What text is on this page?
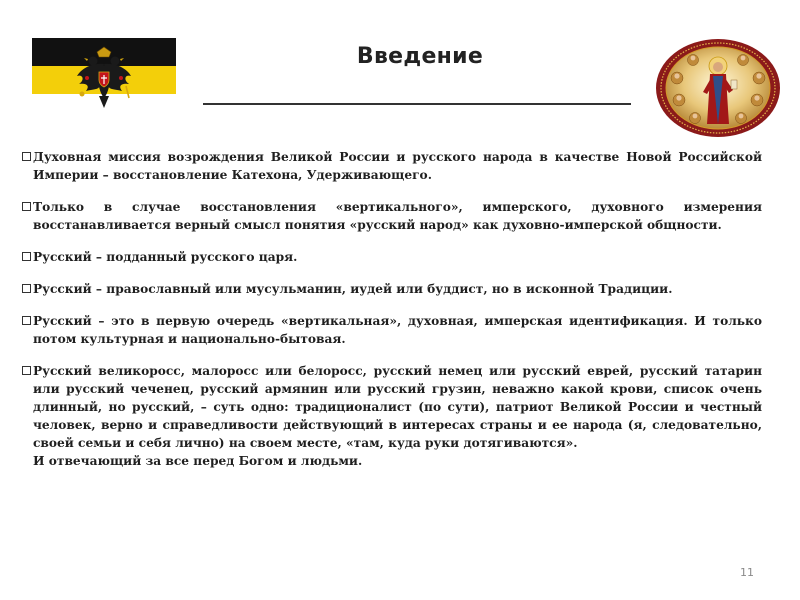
Введение
Духовная миссия возрождения Великой России и русского народа в качестве Новой Российской Империи – восстановление Катехона, Удерживающего.
Только в случае восстановления «вертикального», имперского, духовного измерения восстанавливается верный смысл понятия «русский народ» как духовно-имперской общности.
Русский – подданный русского царя.
Русский – православный или мусульманин, иудей или буддист, но в исконной Традиции.
Русский – это в первую очередь «вертикальная», духовная, имперская идентификация. И только потом культурная и национально-бытовая.
Русский великоросс, малоросс или белоросс, русский немец или русский еврей, русский татарин или русский чеченец, русский армянин или русский грузин, неважно какой крови, список очень длинный, но русский, – суть одно: традиционалист (по сути), патриот Великой России и честный человек, верно и справедливости действующий в интересах страны и ее народа (я, следовательно, своей семьи и себя лично) на своем месте, «там, куда руки дотягиваются».
И отвечающий за все перед Богом и людьми.
11
